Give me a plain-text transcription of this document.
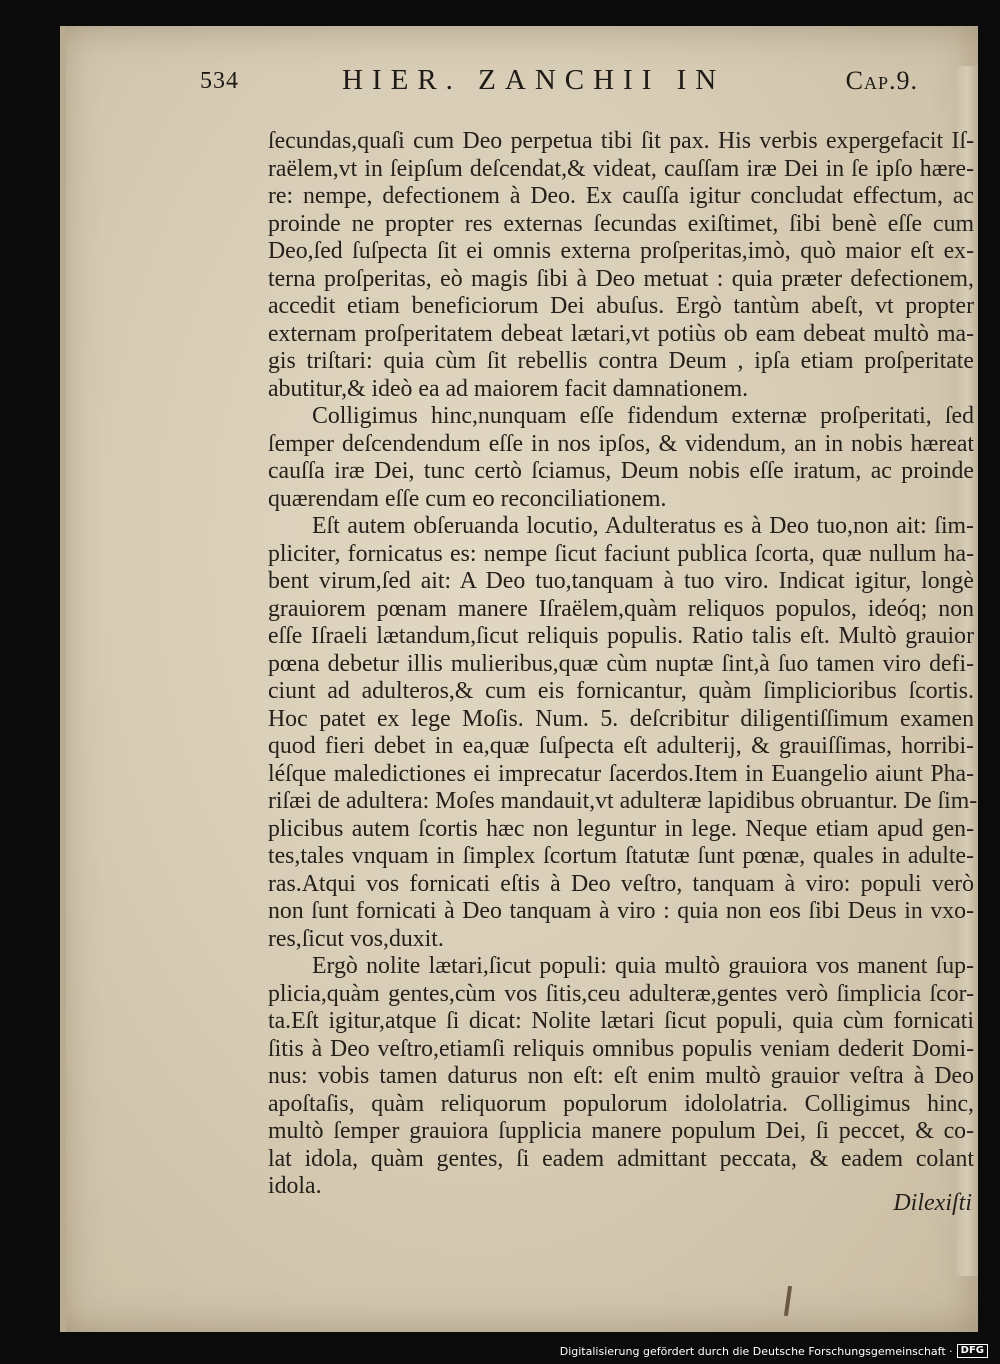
534	HIER. ZANCHII IN	Cap.9.
ſecundas,quaſi cum Deo perpetua tibi ſit pax. His verbis expergefacit Iſ-
raëlem,vt in ſeipſum deſcendat,& videat, cauſſam iræ Dei in ſe ipſo hære-
re: nempe, defectionem à Deo. Ex cauſſa igitur concludat effectum, ac
proinde ne propter res externas ſecundas exiſtimet, ſibi benè eſſe cum
Deo,ſed ſuſpecta ſit ei omnis externa proſperitas,imò, quò maior eſt ex-
terna proſperitas, eò magis ſibi à Deo metuat : quia præter defectionem,
accedit etiam beneficiorum Dei abuſus. Ergò tantùm abeſt, vt propter
externam proſperitatem debeat lætari,vt potiùs ob eam debeat multò ma-
gis triſtari: quia cùm ſit rebellis contra Deum , ipſa etiam proſperitate
abutitur,& ideò ea ad maiorem facit damnationem.
Colligimus hinc,nunquam eſſe fidendum externæ proſperitati, ſed
ſemper deſcendendum eſſe in nos ipſos, & videndum, an in nobis hæreat
cauſſa iræ Dei, tunc certò ſciamus, Deum nobis eſſe iratum, ac proinde
quærendam eſſe cum eo reconciliationem.
Eſt autem obſeruanda locutio, Adulteratus es à Deo tuo,non ait: ſim-
pliciter, fornicatus es: nempe ſicut faciunt publica ſcorta, quæ nullum ha-
bent virum,ſed ait: A Deo tuo,tanquam à tuo viro. Indicat igitur, longè
grauiorem pœnam manere Iſraëlem,quàm reliquos populos, ideóq; non
eſſe Iſraeli lætandum,ſicut reliquis populis. Ratio talis eſt. Multò grauior
pœna debetur illis mulieribus,quæ cùm nuptæ ſint,à ſuo tamen viro defi-
ciunt ad adulteros,& cum eis fornicantur, quàm ſimplicioribus ſcortis.
Hoc patet ex lege Moſis. Num. 5. deſcribitur diligentiſſimum examen
quod fieri debet in ea,quæ ſuſpecta eſt adulterij, & grauiſſimas, horribi-
léſque maledictiones ei imprecatur ſacerdos.Item in Euangelio aiunt Pha-
riſæi de adultera: Moſes mandauit,vt adulteræ lapidibus obruantur. De ſim-
plicibus autem ſcortis hæc non leguntur in lege. Neque etiam apud gen-
tes,tales vnquam in ſimplex ſcortum ſtatutæ ſunt pœnæ, quales in adulte-
ras.Atqui vos fornicati eſtis à Deo veſtro, tanquam à viro: populi verò
non ſunt fornicati à Deo tanquam à viro : quia non eos ſibi Deus in vxo-
res,ſicut vos,duxit.
Ergò nolite lætari,ſicut populi: quia multò grauiora vos manent ſup-
plicia,quàm gentes,cùm vos ſitis,ceu adulteræ,gentes verò ſimplicia ſcor-
ta.Eſt igitur,atque ſi dicat: Nolite lætari ſicut populi, quia cùm fornicati
ſitis à Deo veſtro,etiamſi reliquis omnibus populis veniam dederit Domi-
nus: vobis tamen daturus non eſt: eſt enim multò grauior veſtra à Deo
apoſtaſis, quàm reliquorum populorum idololatria. Colligimus hinc,
multò ſemper grauiora ſupplicia manere populum Dei, ſi peccet, & co-
lat idola, quàm gentes, ſi eadem admittant peccata, & eadem colant
idola.
Dilexiſti
Digitalisierung gefördert durch die Deutsche Forschungsgemeinschaft · DFG
